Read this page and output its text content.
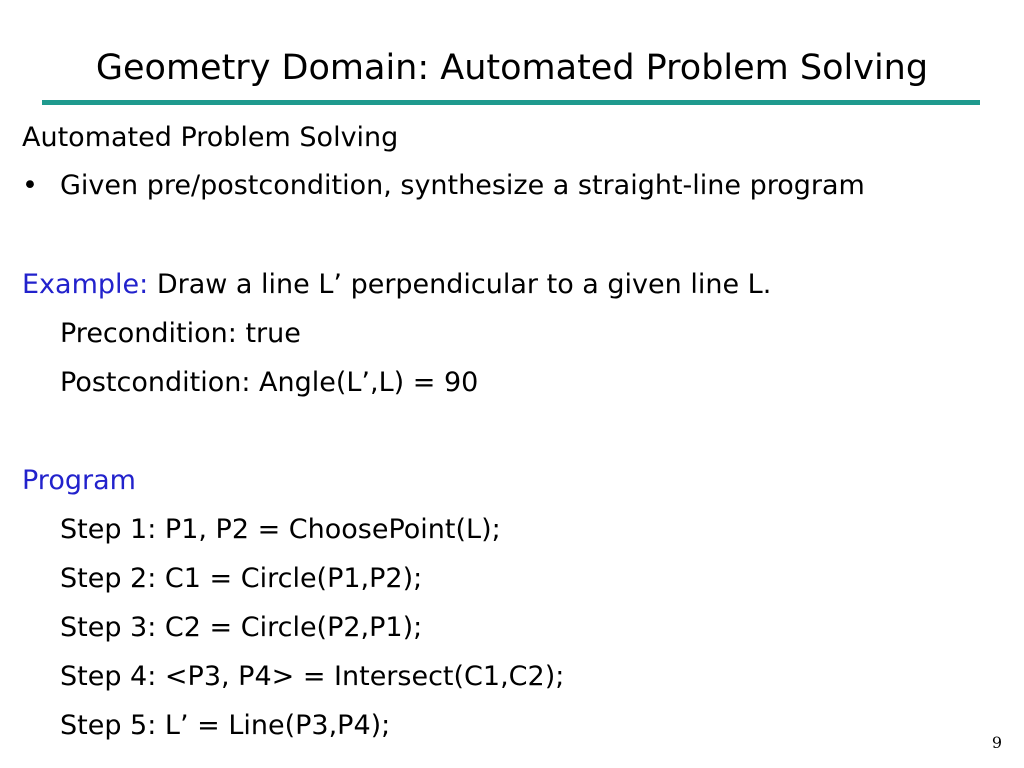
Geometry Domain: Automated Problem Solving
Automated Problem Solving
• Given pre/postcondition, synthesize a straight-line program
Example: Draw a line L’ perpendicular to a given line L.
Precondition: true
Postcondition: Angle(L’,L) = 90
Program
Step 1: P1, P2 = ChoosePoint(L);
Step 2: C1 = Circle(P1,P2);
Step 3: C2 = Circle(P2,P1);
Step 4: <P3, P4> = Intersect(C1,C2);
Step 5: L’ = Line(P3,P4);
9
